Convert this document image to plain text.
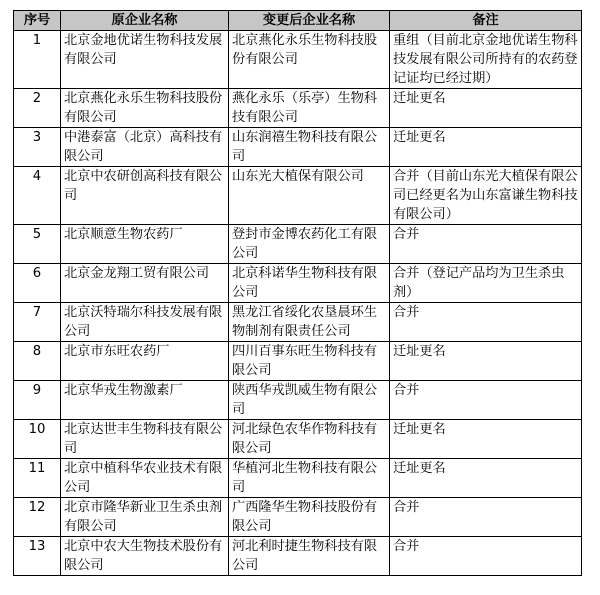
序号	原企业名称	变更后企业名称	备注
1	北京金地优诺生物科技发展有限公司	北京燕化永乐生物科技股份有限公司	重组（目前北京金地优诺生物科技发展有限公司所持有的农药登记证均已经过期）
2	北京燕化永乐生物科技股份有限公司	燕化永乐（乐亭）生物科技有限公司	迁址更名
3	中港泰富（北京）高科技有限公司	山东润禧生物科技有限公司	迁址更名
4	北京中农研创高科技有限公司	山东光大植保有限公司	合并（目前山东光大植保有限公司已经更名为山东富谦生物科技有限公司）
5	北京顺意生物农药厂	登封市金博农药化工有限公司	合并
6	北京金龙翔工贸有限公司	北京科诺华生物科技有限公司	合并（登记产品均为卫生杀虫剂）
7	北京沃特瑞尔科技发展有限公司	黑龙江省绥化农垦晨环生物制剂有限责任公司	合并
8	北京市东旺农药厂	四川百事东旺生物科技有限公司	迁址更名
9	北京华戎生物激素厂	陕西华戎凯威生物有限公司	合并
10	北京达世丰生物科技有限公司	河北绿色农华作物科技有限公司	迁址更名
11	北京中植科华农业技术有限公司	华植河北生物科技有限公司	迁址更名
12	北京市隆华新业卫生杀虫剂有限公司	广西隆华生物科技股份有限公司	合并
13	北京中农大生物技术股份有限公司	河北利时捷生物科技有限公司	合并
